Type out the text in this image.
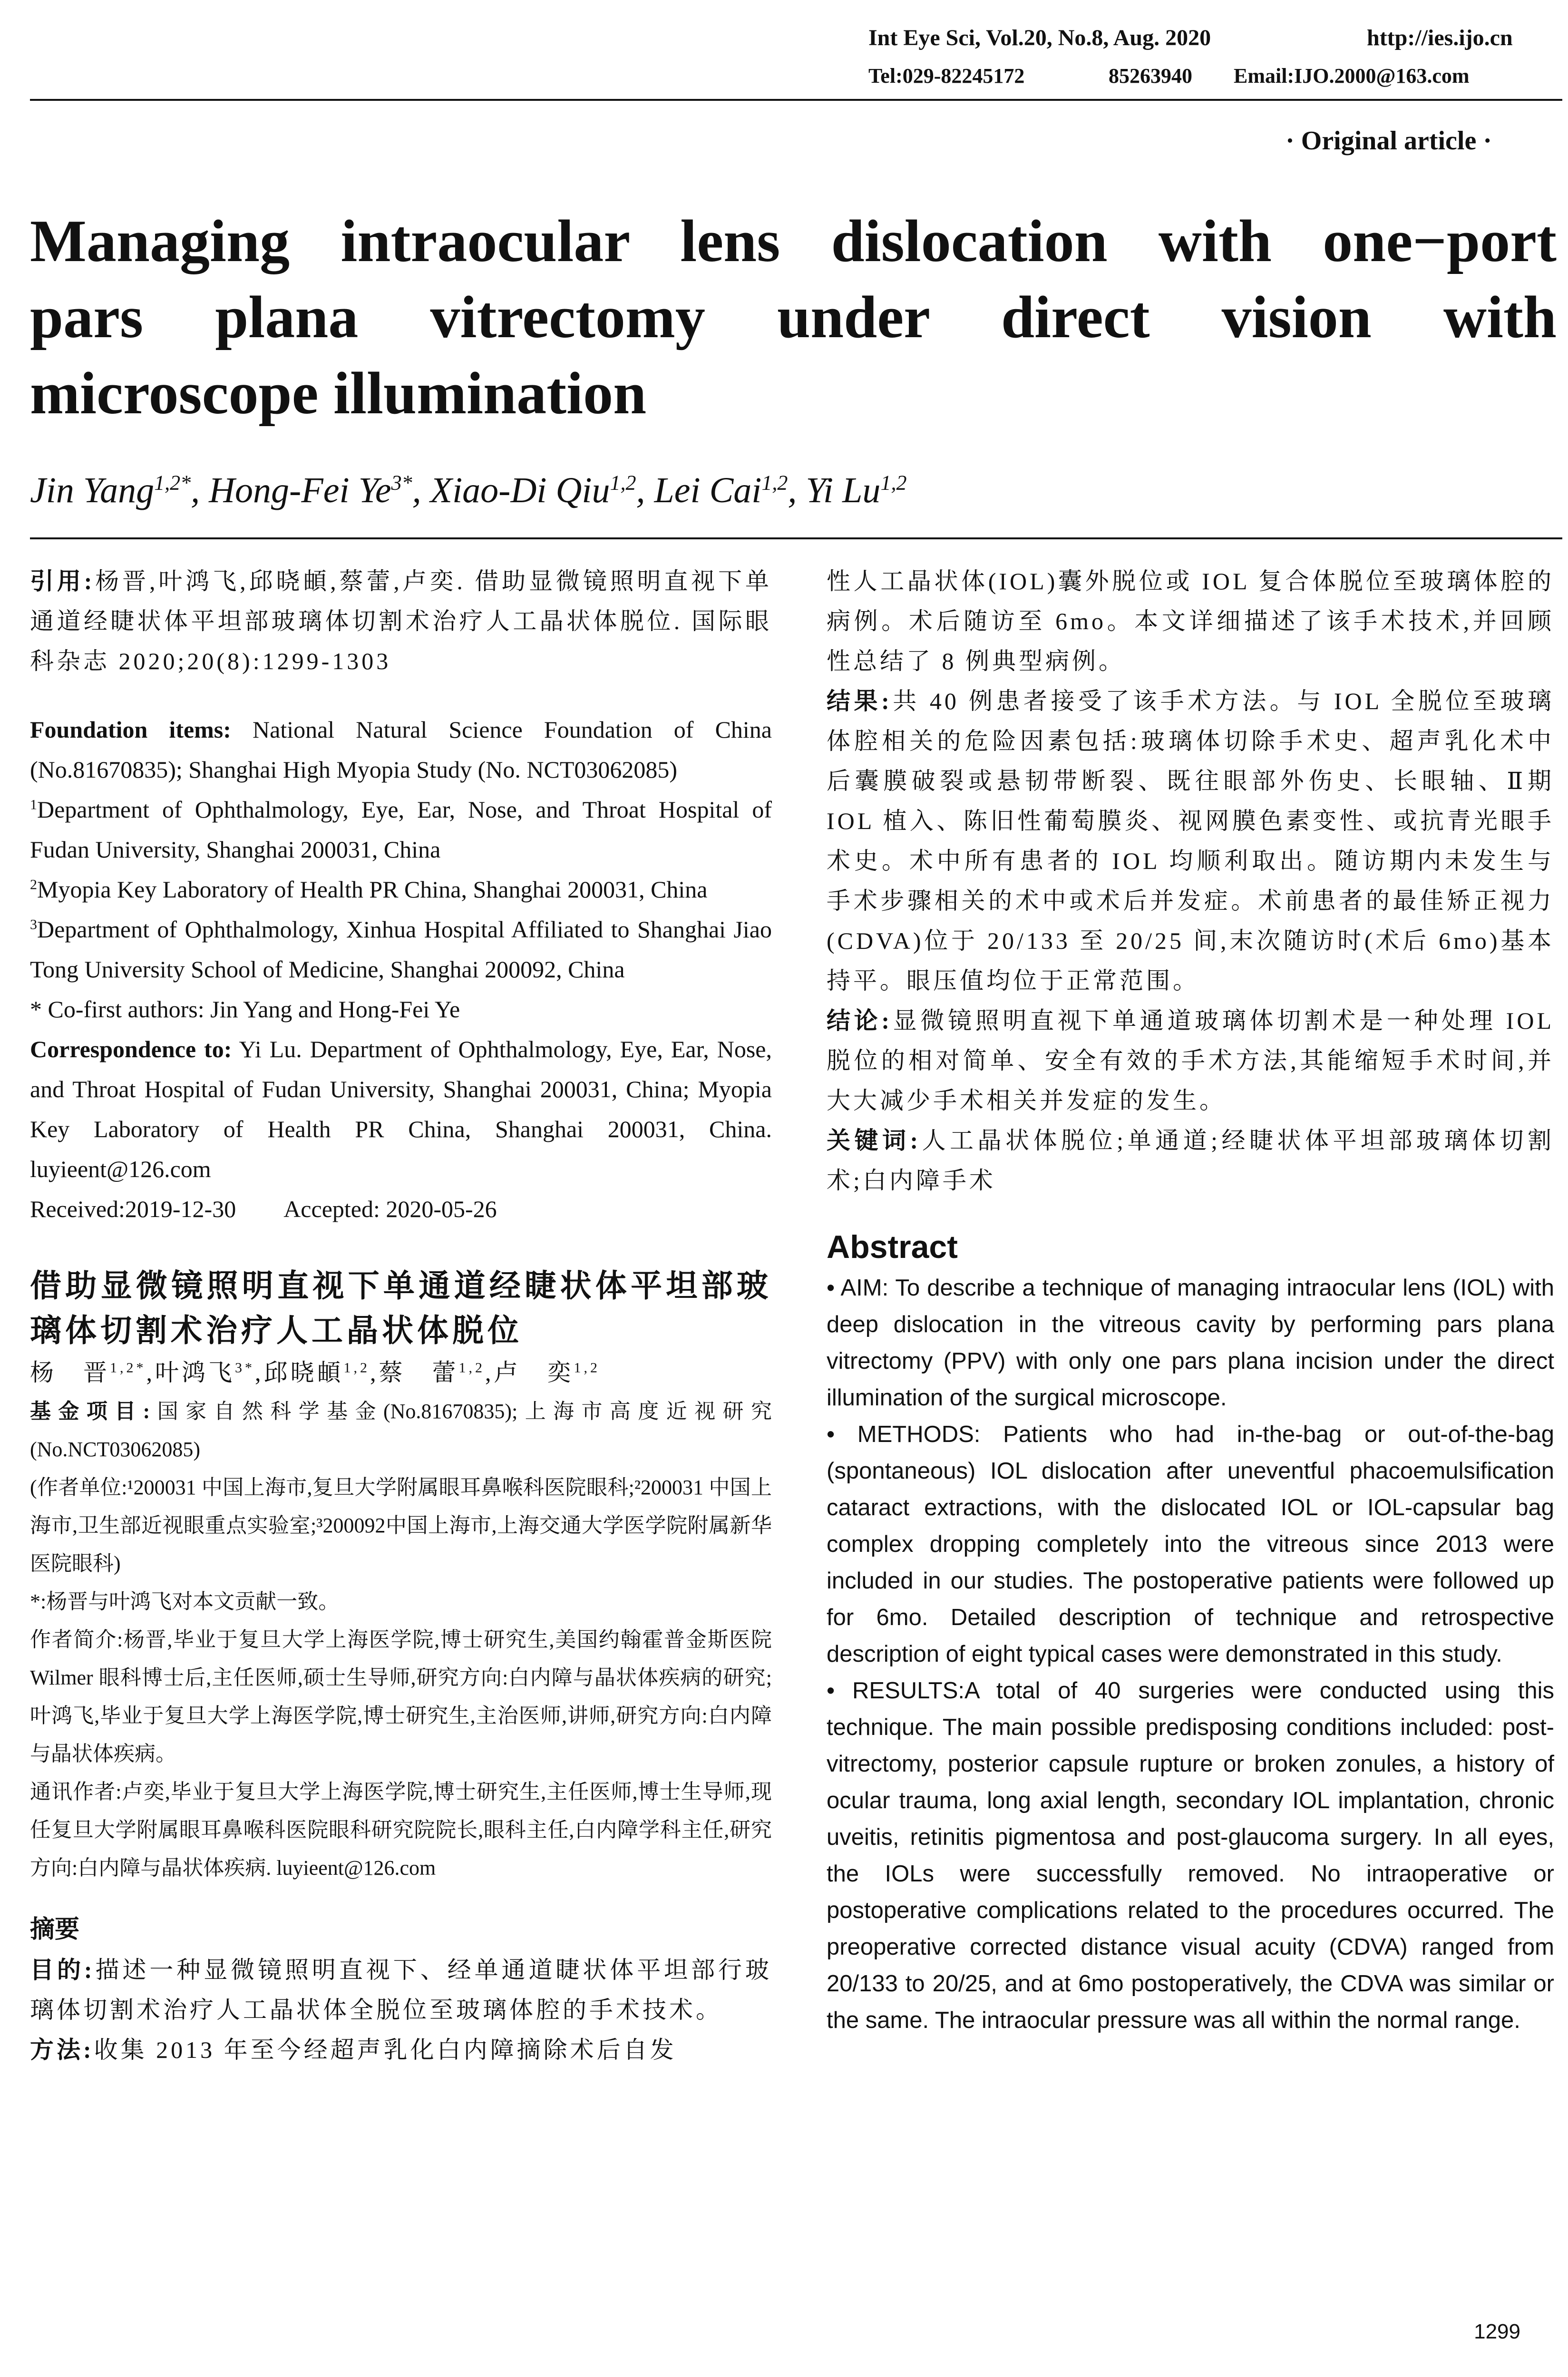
Int Eye Sci, Vol.20, No.8, Aug. 2020	http://ies.ijo.cn
Tel:029-82245172	85263940 Email:IJO.2000@163.com
· Original article ·
Managing intraocular lens dislocation with one−port
pars plana vitrectomy under direct vision with
microscope illumination
Jin Yang$^{1,2*}$, Hong-Fei $Ye^{3*}$, Xiao-Di Qiu$^{1,2}$, Lei Cai$^{1,2}$, Yi Lu$^{1,2}$

引用:杨晋,叶鸿飞,邱晓頔,蔡蕾,卢奕. 借助显微镜照明直视下单通道经睫状体平坦部玻璃体切割术治疗人工晶状体脱位. 国际眼科杂志 2020;20(8):1299-1303

Foundation items: National Natural Science Foundation of China (No.81670835); Shanghai High Myopia Study (No. NCT03062085)

$^1$Department of Ophthalmology, Eye, Ear, Nose, and Throat Hospital of Fudan University, Shanghai 200031, China

$^2$Myopia Key Laboratory of Health PR China, Shanghai 200031, China

$^3$Department of Ophthalmology, Xinhua Hospital Affiliated to Shanghai Jiao Tong University School of Medicine, Shanghai 200092, China

* Co-first authors: Jin Yang and Hong-Fei Ye

Correspondence to: Yi Lu. Department of Ophthalmology, Eye, Ear, Nose, and Throat Hospital of Fudan University, Shanghai 200031, China; Myopia Key Laboratory of Health PR China, Shanghai 200031, China. luyieent@126.com

Received:2019-12-30 Accepted: 2020-05-26

借助显微镜照明直视下单通道经睫状体平坦部玻璃体切割术治疗人工晶状体脱位

杨　晋$^{1,2*}$,叶鸿飞$^{3*}$,邱晓頔$^{1,2}$,蔡　蕾$^{1,2}$,卢　奕$^{1,2}$

基金项目:国家自然科学基金(No.81670835);上海市高度近视研究(No.NCT03062085)

(作者单位:¹200031 中国上海市,复旦大学附属眼耳鼻喉科医院眼科;²200031 中国上海市,卫生部近视眼重点实验室;³200092中国上海市,上海交通大学医学院附属新华医院眼科)

*:杨晋与叶鸿飞对本文贡献一致。

作者简介:杨晋,毕业于复旦大学上海医学院,博士研究生,美国约翰霍普金斯医院 Wilmer 眼科博士后,主任医师,硕士生导师,研究方向:白内障与晶状体疾病的研究;叶鸿飞,毕业于复旦大学上海医学院,博士研究生,主治医师,讲师,研究方向:白内障与晶状体疾病。

通讯作者:卢奕,毕业于复旦大学上海医学院,博士研究生,主任医师,博士生导师,现任复旦大学附属眼耳鼻喉科医院眼科研究院院长,眼科主任,白内障学科主任,研究方向:白内障与晶状体疾病. luyieent@126.com

摘要

目的:描述一种显微镜照明直视下、经单通道睫状体平坦部行玻璃体切割术治疗人工晶状体全脱位至玻璃体腔的手术技术。

方法:收集 2013 年至今经超声乳化白内障摘除术后自发

性人工晶状体(IOL)囊外脱位或 IOL 复合体脱位至玻璃体腔的病例。术后随访至 6mo。本文详细描述了该手术技术,并回顾性总结了 8 例典型病例。

结果:共 40 例患者接受了该手术方法。与 IOL 全脱位至玻璃体腔相关的危险因素包括:玻璃体切除手术史、超声乳化术中后囊膜破裂或悬韧带断裂、既往眼部外伤史、长眼轴、Ⅱ期 IOL 植入、陈旧性葡萄膜炎、视网膜色素变性、或抗青光眼手术史。术中所有患者的 IOL 均顺利取出。随访期内未发生与手术步骤相关的术中或术后并发症。术前患者的最佳矫正视力(CDVA)位于 20/133 至 20/25 间,末次随访时(术后 6mo)基本持平。眼压值均位于正常范围。

结论:显微镜照明直视下单通道玻璃体切割术是一种处理 IOL 脱位的相对简单、安全有效的手术方法,其能缩短手术时间,并大大减少手术相关并发症的发生。

关键词:人工晶状体脱位;单通道;经睫状体平坦部玻璃体切割术;白内障手术

Abstract

• AIM: To describe a technique of managing intraocular lens (IOL) with deep dislocation in the vitreous cavity by performing pars plana vitrectomy (PPV) with only one pars plana incision under the direct illumination of the surgical microscope.

• METHODS: Patients who had in-the-bag or out-of-the-bag (spontaneous) IOL dislocation after uneventful phacoemulsification cataract extractions, with the dislocated IOL or IOL-capsular bag complex dropping completely into the vitreous since 2013 were included in our studies. The postoperative patients were followed up for 6mo. Detailed description of technique and retrospective description of eight typical cases were demonstrated in this study.

• RESULTS:A total of 40 surgeries were conducted using this technique. The main possible predisposing conditions included: post-vitrectomy, posterior capsule rupture or broken zonules, a history of ocular trauma, long axial length, secondary IOL implantation, chronic uveitis, retinitis pigmentosa and post-glaucoma surgery. In all eyes, the IOLs were successfully removed. No intraoperative or postoperative complications related to the procedures occurred. The preoperative corrected distance visual acuity (CDVA) ranged from 20/133 to 20/25, and at 6mo postoperatively, the CDVA was similar or the same. The intraocular pressure was all within the normal range.

1299
